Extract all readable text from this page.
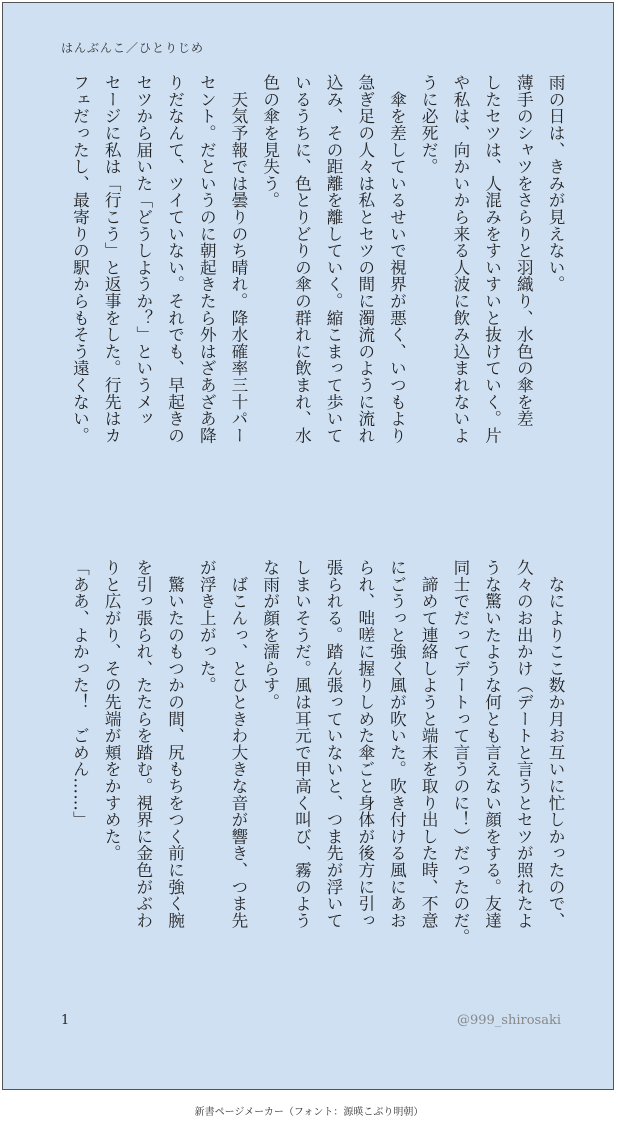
はんぶんこ／ひとりじめ
雨の日は、きみが見えない。
薄手のシャツをさらりと羽織り、水色の傘を差
したセツは、人混みをすいすいと抜けていく。片
や私は、向かいから来る人波に飲み込まれないよ
うに必死だ。
　傘を差しているせいで視界が悪く、いつもより
急ぎ足の人々は私とセツの間に濁流のように流れ
込み、その距離を離していく。縮こまって歩いて
いるうちに、色とりどりの傘の群れに飲まれ、水
色の傘を見失う。
　天気予報では曇りのち晴れ。降水確率三十パー
セント。だというのに朝起きたら外はざあざあ降
りだなんて、ツイていない。それでも、早起きの
セツから届いた「どうしようか？」というメッ
セージに私は「行こう」と返事をした。行先はカ
フェだったし、最寄りの駅からもそう遠くない。
　なによりここ数か月お互いに忙しかったので、
久々のお出かけ（デートと言うとセツが照れたよ
うな驚いたような何とも言えない顔をする。友達
同士でだってデートって言うのに！）だったのだ。
　諦めて連絡しようと端末を取り出した時、不意
にごうっと強く風が吹いた。吹き付ける風にあお
られ、咄嗟に握りしめた傘ごと身体が後方に引っ
張られる。踏ん張っていないと、つま先が浮いて
しまいそうだ。風は耳元で甲高く叫び、霧のよう
な雨が顔を濡らす。
　ばこんっ、とひときわ大きな音が響き、つま先
が浮き上がった。
　驚いたのもつかの間、尻もちをつく前に強く腕
を引っ張られ、たたらを踏む。視界に金色がぶわ
りと広がり、その先端が頬をかすめた。
「ああ、よかった！　ごめん……」
1	@999_shirosaki
新書ページメーカー（フォント：源暎こぶり明朝）
